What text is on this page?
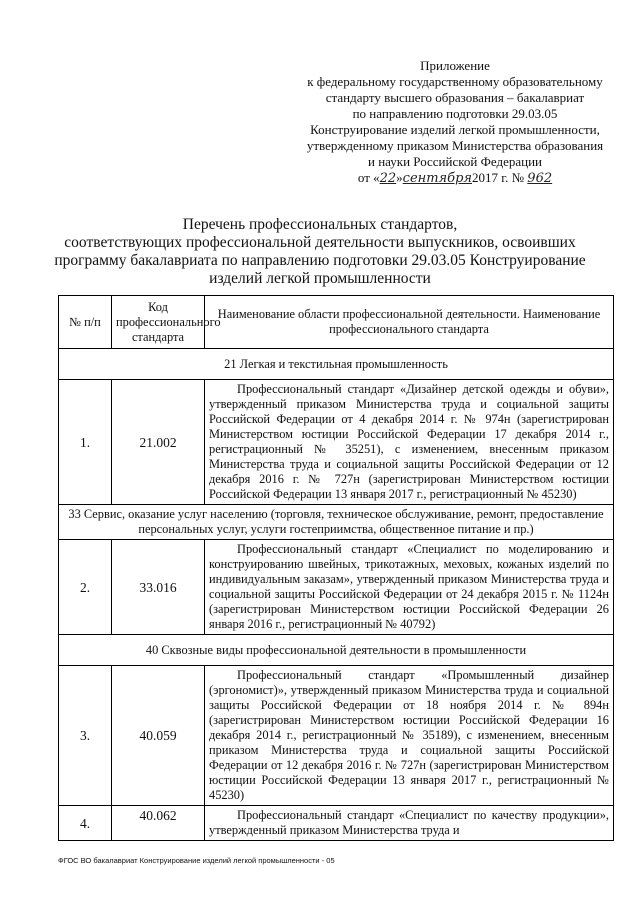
Приложение
к федеральному государственному образовательному
стандарту высшего образования – бакалавриат
по направлению подготовки 29.03.05
Конструирование изделий легкой промышленности,
утвержденному приказом Министерства образования
и науки Российской Федерации
от «22»сентября2017 г. № 962
Перечень профессиональных стандартов,
соответствующих профессиональной деятельности выпускников, освоивших
программу бакалавриата по направлению подготовки 29.03.05 Конструирование
изделий легкой промышленности
№ п/п	Код профессионального стандарта	Наименование области профессиональной деятельности. Наименование профессионального стандарта
21 Легкая и текстильная промышленность		
1.	21.002	Профессиональный стандарт «Дизайнер детской одежды и обуви», утвержденный приказом Министерства труда и социальной защиты Российской Федерации от 4 декабря 2014 г. № 974н (зарегистрирован Министерством юстиции Российской Федерации 17 декабря 2014 г., регистрационный № 35251), с изменением, внесенным приказом Министерства труда и социальной защиты Российской Федерации от 12 декабря 2016 г. № 727н (зарегистрирован Министерством юстиции Российской Федерации 13 января 2017 г., регистрационный № 45230)
33 Сервис, оказание услуг населению (торговля, техническое обслуживание, ремонт, предоставление персональных услуг, услуги гостеприимства, общественное питание и пр.)		
2.	33.016	Профессиональный стандарт «Специалист по моделированию и конструированию швейных, трикотажных, меховых, кожаных изделий по индивидуальным заказам», утвержденный приказом Министерства труда и социальной защиты Российской Федерации от 24 декабря 2015 г. № 1124н (зарегистрирован Министерством юстиции Российской Федерации 26 января 2016 г., регистрационный № 40792)
40 Сквозные виды профессиональной деятельности в промышленности		
3.	40.059	Профессиональный стандарт «Промышленный дизайнер (эргономист)», утвержденный приказом Министерства труда и социальной защиты Российской Федерации от 18 ноября 2014 г. № 894н (зарегистрирован Министерством юстиции Российской Федерации 16 декабря 2014 г., регистрационный № 35189), с изменением, внесенным приказом Министерства труда и социальной защиты Российской Федерации от 12 декабря 2016 г. № 727н (зарегистрирован Министерством юстиции Российской Федерации 13 января 2017 г., регистрационный № 45230)
4.	40.062	Профессиональный стандарт «Специалист по качеству продукции», утвержденный приказом Министерства труда и
ФГОС ВО бакалавриат Конструирование изделий легкой промышленности - 05
